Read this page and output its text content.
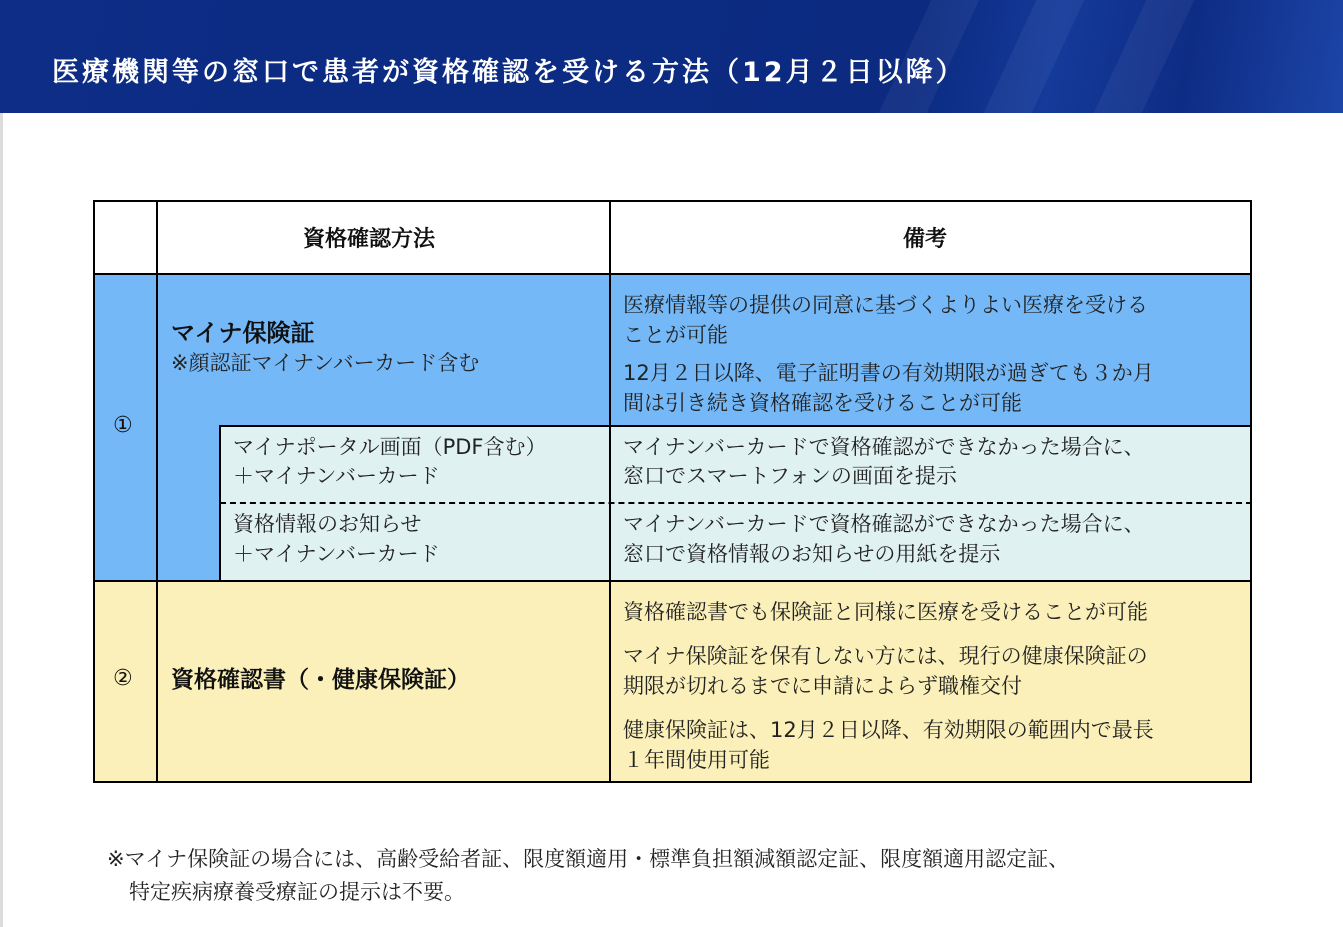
医療機関等の窓口で患者が資格確認を受ける方法（12月２日以降）
資格確認方法	備考
①
マイナ保険証
※顔認証マイナンバーカード含む
医療情報等の提供の同意に基づくよりよい医療を受ける
ことが可能
12月２日以降、電子証明書の有効期限が過ぎても３か月
間は引き続き資格確認を受けることが可能
マイナポータル画面（PDF含む）
＋マイナンバーカード
マイナンバーカードで資格確認ができなかった場合に、
窓口でスマートフォンの画面を提示
資格情報のお知らせ
＋マイナンバーカード
マイナンバーカードで資格確認ができなかった場合に、
窓口で資格情報のお知らせの用紙を提示
② 資格確認書（・健康保険証）
資格確認書でも保険証と同様に医療を受けることが可能
マイナ保険証を保有しない方には、現行の健康保険証の
期限が切れるまでに申請によらず職権交付
健康保険証は、12月２日以降、有効期限の範囲内で最長
１年間使用可能
※マイナ保険証の場合には、高齢受給者証、限度額適用・標準負担額減額認定証、限度額適用認定証、
特定疾病療養受療証の提示は不要。
